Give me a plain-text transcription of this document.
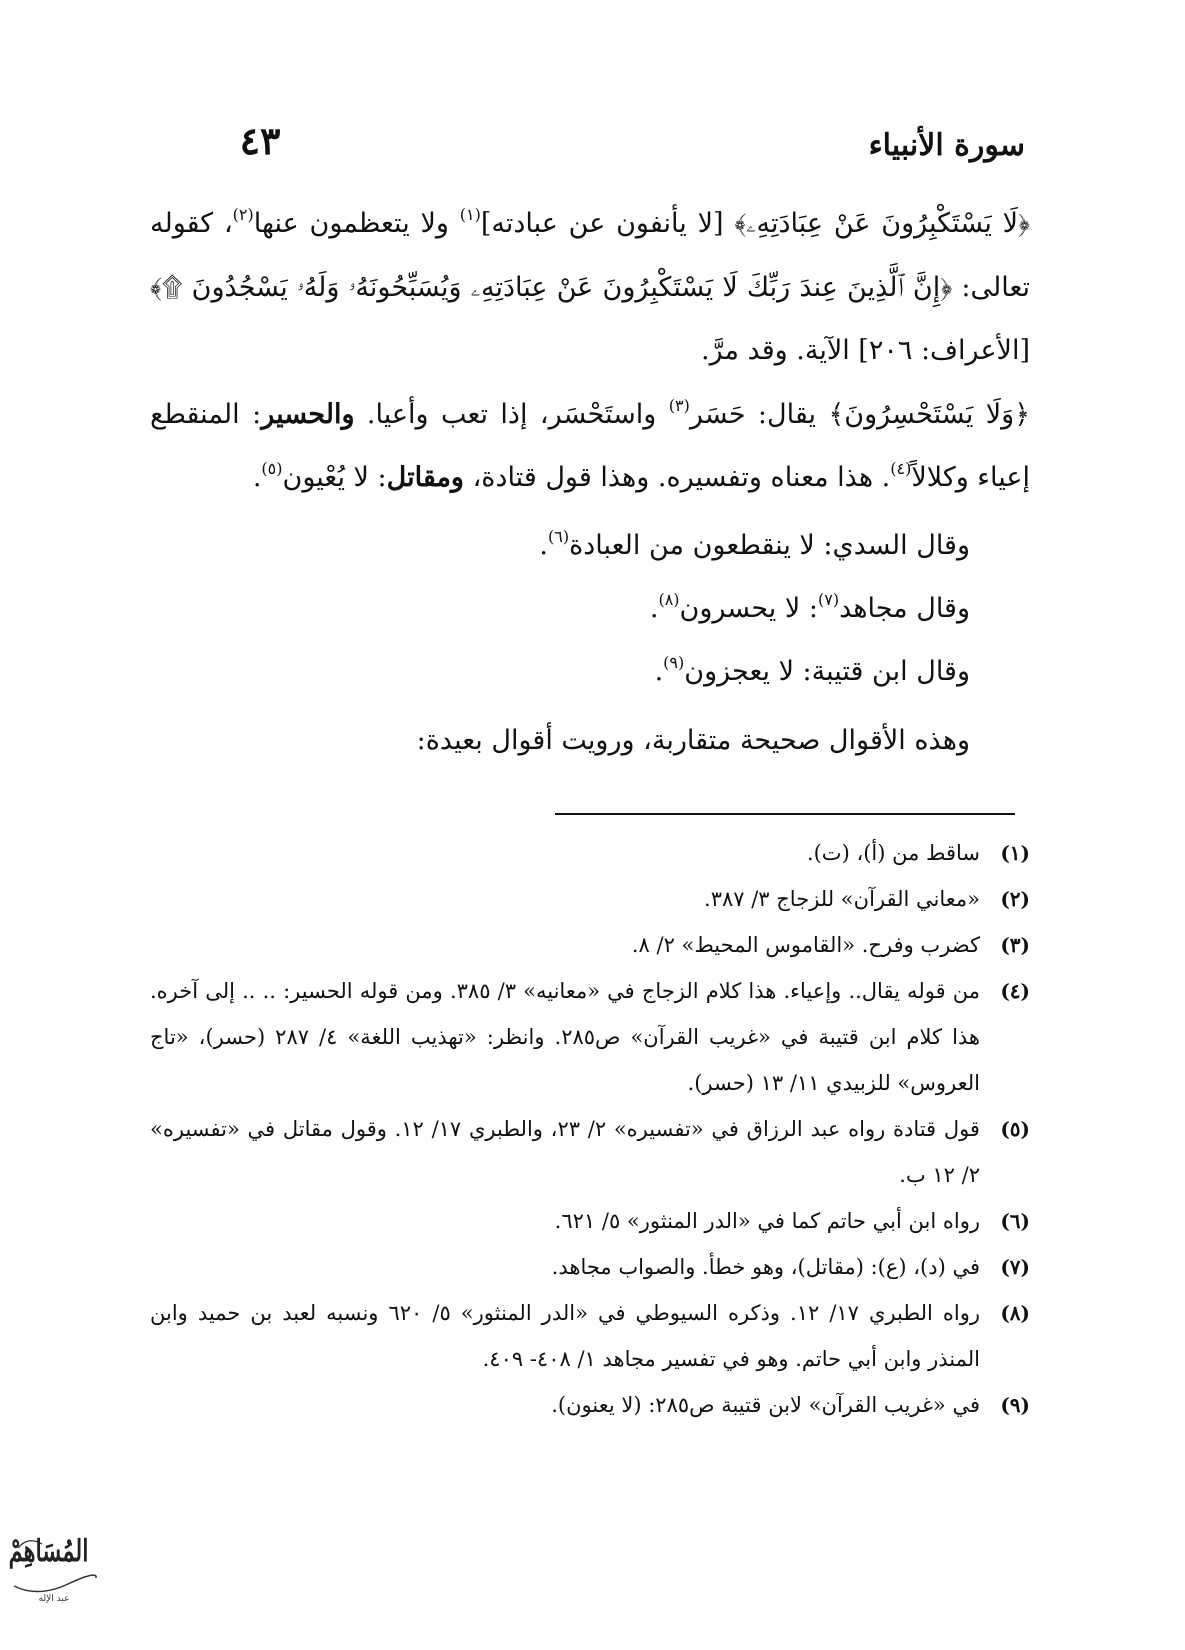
٤٣	سورة الأنبياء

﴿لَا يَسْتَكْبِرُونَ عَنْ عِبَادَتِهِۦ﴾ [لا يأنفون عن عبادته]$^{(١)}$ ولا يتعظمون عنها$^{(٢)}$، كقوله تعالى: ﴿إِنَّ ٱلَّذِينَ عِندَ رَبِّكَ لَا يَسْتَكْبِرُونَ عَنْ عِبَادَتِهِۦ وَيُسَبِّحُونَهُۥ وَلَهُۥ يَسْجُدُونَ ۩﴾ [الأعراف: ٢٠٦] الآية. وقد مرَّ.

﴿وَلَا يَسْتَحْسِرُونَ﴾ يقال: حَسَر$^{(٣)}$ واستَحْسَر، إذا تعب وأعيا. والحسير: المنقطع إعياء وكلالاً$^{(٤)}$. هذا معناه وتفسيره. وهذا قول قتادة، ومقاتل: لا يُعْيون$^{(٥)}$.

وقال السدي: لا ينقطعون من العبادة$^{(٦)}$.

وقال مجاهد$^{(٧)}$: لا يحسرون$^{(٨)}$.

وقال ابن قتيبة: لا يعجزون$^{(٩)}$.

وهذه الأقوال صحيحة متقاربة، ورويت أقوال بعيدة:

(١)
ساقط من (أ)، (ت).
(٢)
«معاني القرآن» للزجاج ٣/ ٣٨٧.
(٣)
كضرب وفرح. «القاموس المحيط» ٢/ ٨.
(٤)
من قوله يقال.. وإعياء. هذا كلام الزجاج في «معانيه» ٣/ ٣٨٥. ومن قوله الحسير: .. .. إلى آخره. هذا كلام ابن قتيبة في «غريب القرآن» ص٢٨٥. وانظر: «تهذيب اللغة» ٤/ ٢٨٧ (حسر)، «تاج العروس» للزبيدي ١١/ ١٣ (حسر).
(٥)
قول قتادة رواه عبد الرزاق في «تفسيره» ٢/ ٢٣، والطبري ١٧/ ١٢. وقول مقاتل في «تفسيره» ٢/ ١٢ ب.
(٦)
رواه ابن أبي حاتم كما في «الدر المنثور» ٥/ ٦٢١.
(٧)
في (د)، (ع): (مقاتل)، وهو خطأ. والصواب مجاهد.
(٨)
رواه الطبري ١٧/ ١٢. وذكره السيوطي في «الدر المنثور» ٥/ ٦٢٠ ونسبه لعبد بن حميد وابن المنذر وابن أبي حاتم. وهو في تفسير مجاهد ١/ ٤٠٨- ٤٠٩.
(٩)
في «غريب القرآن» لابن قتيبة ص٢٨٥: (لا يعنون).
المُسَاهِمْ
عبد الإله
